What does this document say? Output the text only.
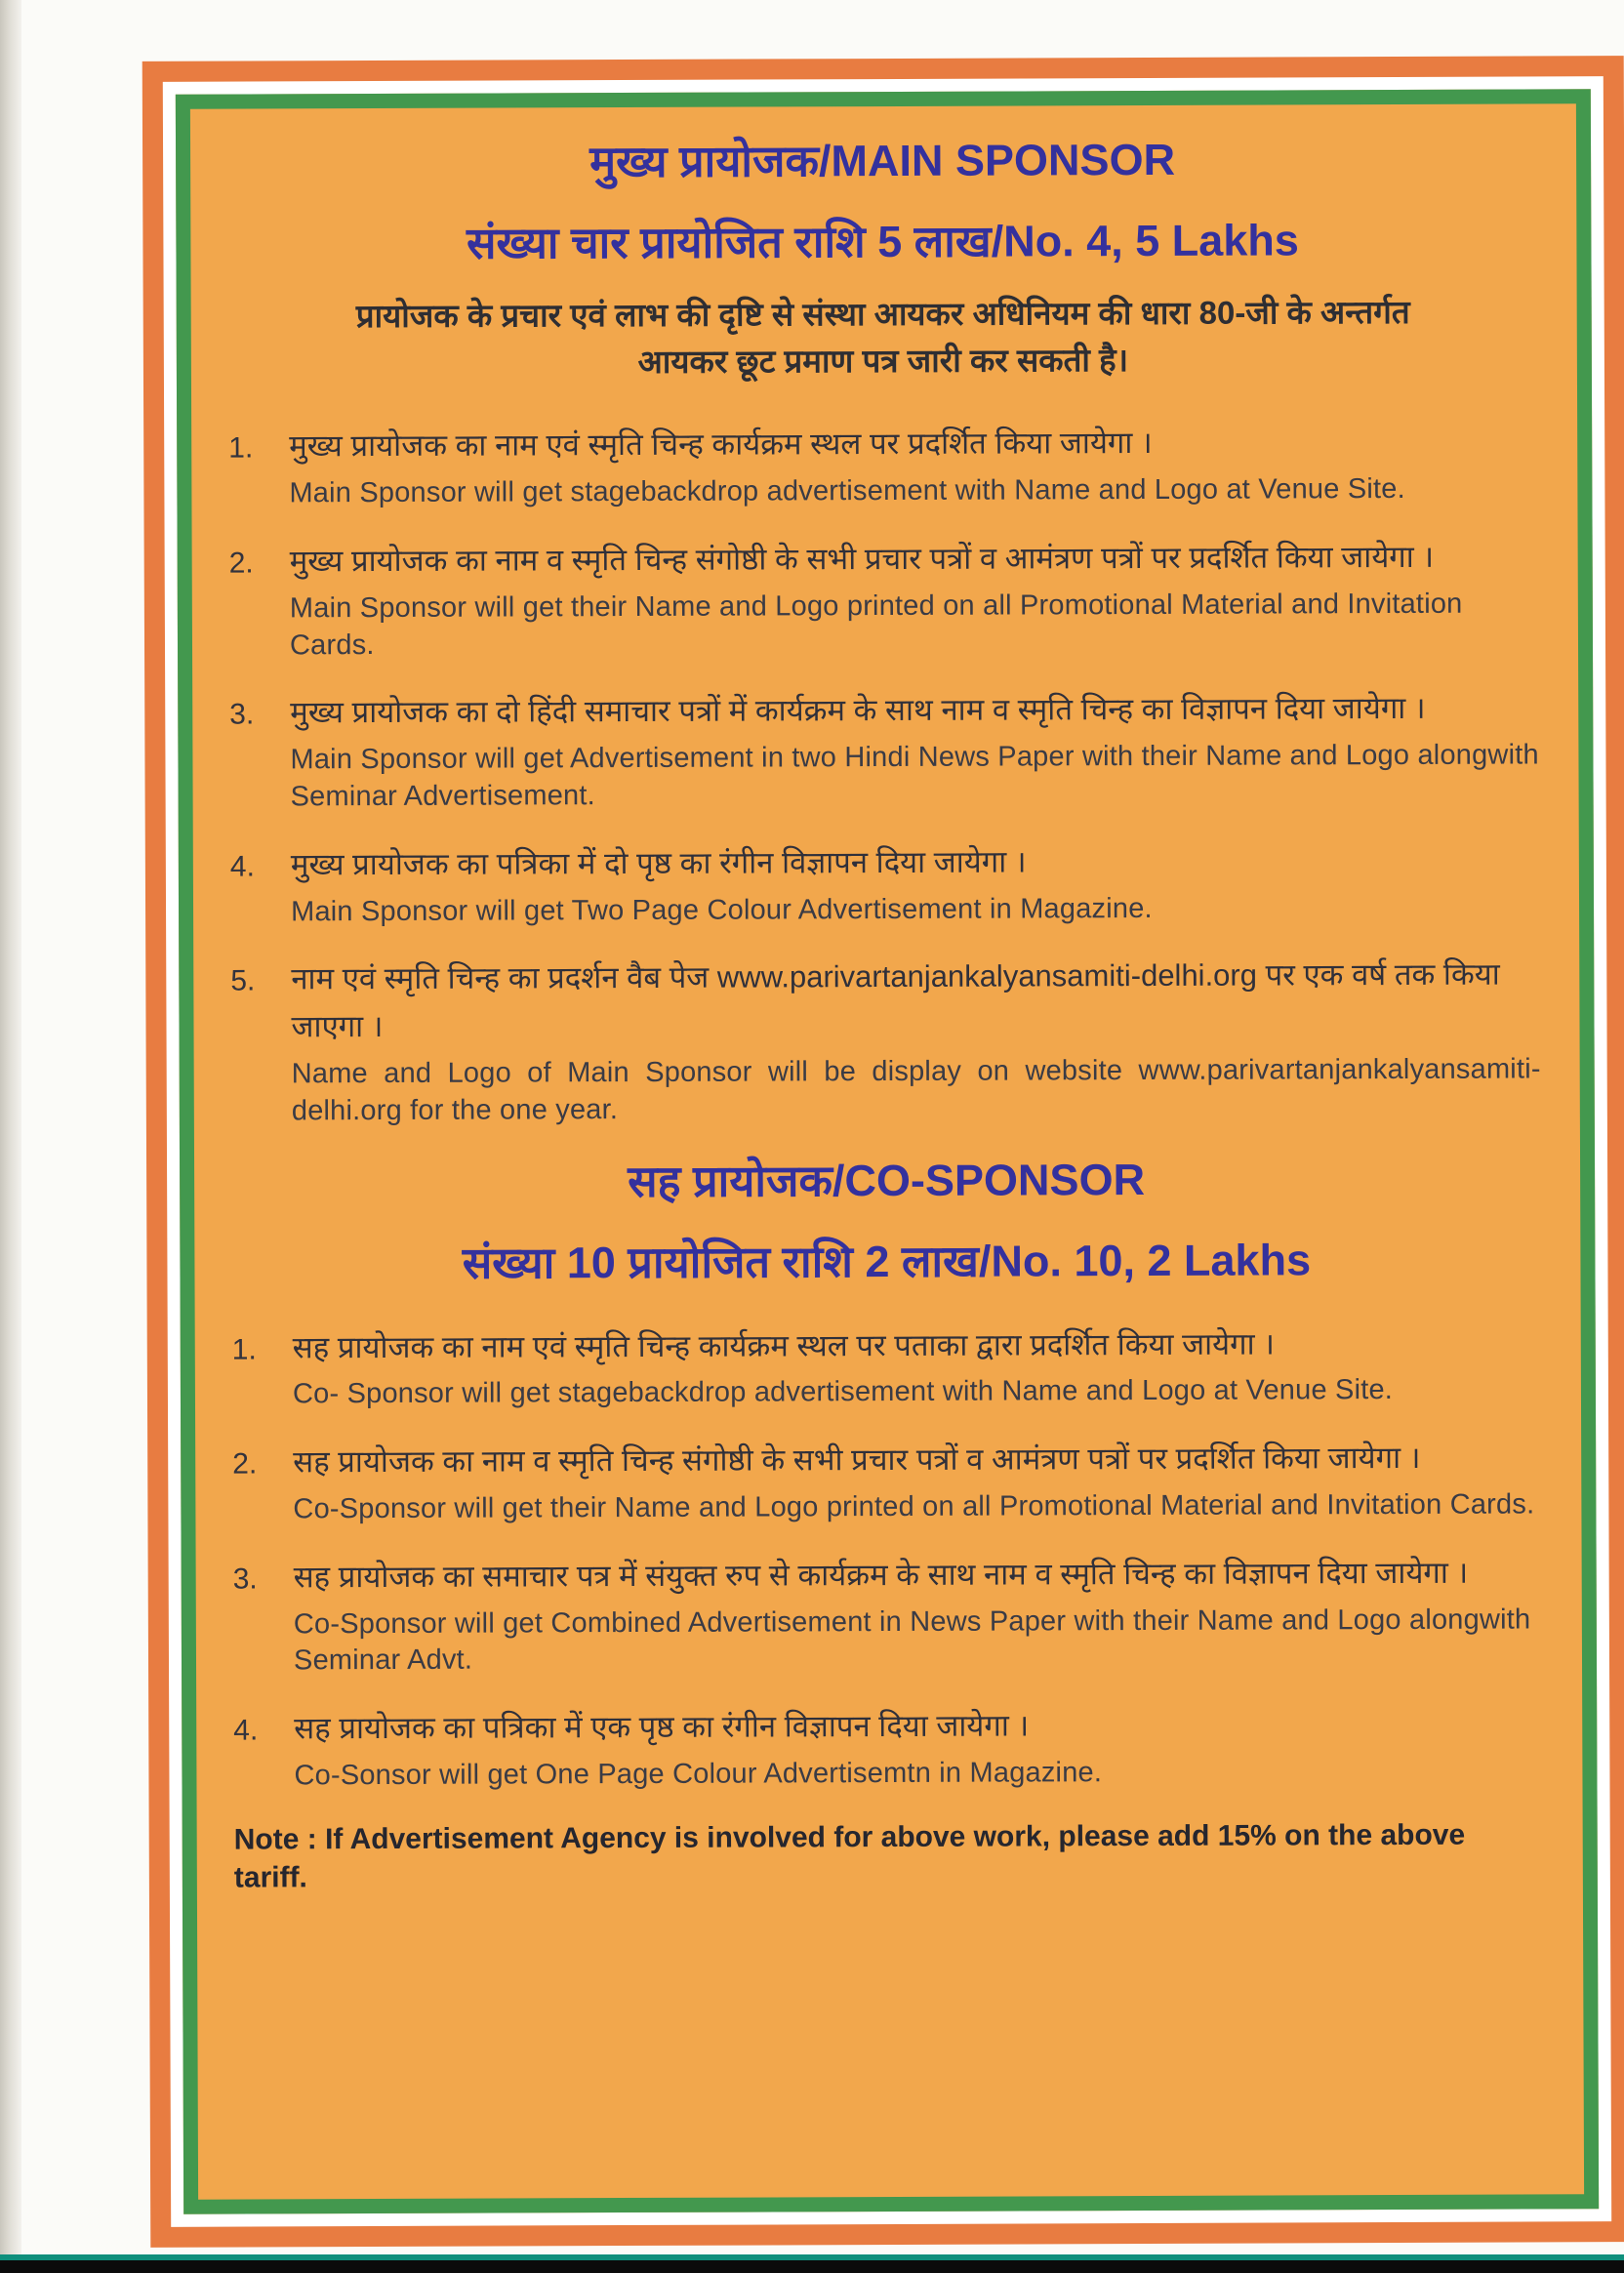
मुख्य प्रायोजक/MAIN SPONSOR
संख्या चार प्रायोजित राशि 5 लाख/No. 4, 5 Lakhs

प्रायोजक के प्रचार एवं लाभ की दृष्टि से संस्था आयकर अधिनियम की धारा 80-जी के अन्तर्गत
आयकर छूट प्रमाण पत्र जारी कर सकती है।

1.	मुख्य प्रायोजक का नाम एवं स्मृति चिन्ह कार्यक्रम स्थल पर प्रदर्शित किया जायेगा ।
Main Sponsor will get stagebackdrop advertisement with Name and Logo at Venue Site.
2.	मुख्य प्रायोजक का नाम व स्मृति चिन्ह संगोष्ठी के सभी प्रचार पत्रों व आमंत्रण पत्रों पर प्रदर्शित किया जायेगा ।
Main Sponsor will get their Name and Logo printed on all Promotional Material and Invitation Cards.
3.	मुख्य प्रायोजक का दो हिंदी समाचार पत्रों में कार्यक्रम के साथ नाम व स्मृति चिन्ह का विज्ञापन दिया जायेगा ।
Main Sponsor will get Advertisement in two Hindi News Paper with their Name and Logo alongwith Seminar Advertisement.
4.	मुख्य प्रायोजक का पत्रिका में दो पृष्ठ का रंगीन विज्ञापन दिया जायेगा ।
Main Sponsor will get Two Page Colour Advertisement in Magazine.
5.	नाम एवं स्मृति चिन्ह का प्रदर्शन वैब पेज www.parivartanjankalyansamiti-delhi.org पर एक वर्ष तक किया जाएगा ।
Name and Logo of Main Sponsor will be display on website www.parivartanjankalyansamiti-delhi.org for the one year.
सह प्रायोजक/CO-SPONSOR
संख्या 10 प्रायोजित राशि 2 लाख/No. 10, 2 Lakhs
1.	सह प्रायोजक का नाम एवं स्मृति चिन्ह कार्यक्रम स्थल पर पताका द्वारा प्रदर्शित किया जायेगा ।
Co- Sponsor will get stagebackdrop advertisement with Name and Logo at Venue Site.
2.	सह प्रायोजक का नाम व स्मृति चिन्ह संगोष्ठी के सभी प्रचार पत्रों व आमंत्रण पत्रों पर प्रदर्शित किया जायेगा ।
Co-Sponsor will get their Name and Logo printed on all Promotional Material and Invitation Cards.
3.	सह प्रायोजक का समाचार पत्र में संयुक्त रुप से कार्यक्रम के साथ नाम व स्मृति चिन्ह का विज्ञापन दिया जायेगा ।
Co-Sponsor will get Combined Advertisement in News Paper with their Name and Logo alongwith Seminar Advt.
4.	सह प्रायोजक का पत्रिका में एक पृष्ठ का रंगीन विज्ञापन दिया जायेगा ।
Co-Sonsor will get One Page Colour Advertisemtn in Magazine.

Note : If Advertisement Agency is involved for above work, please add 15% on the above tariff.
